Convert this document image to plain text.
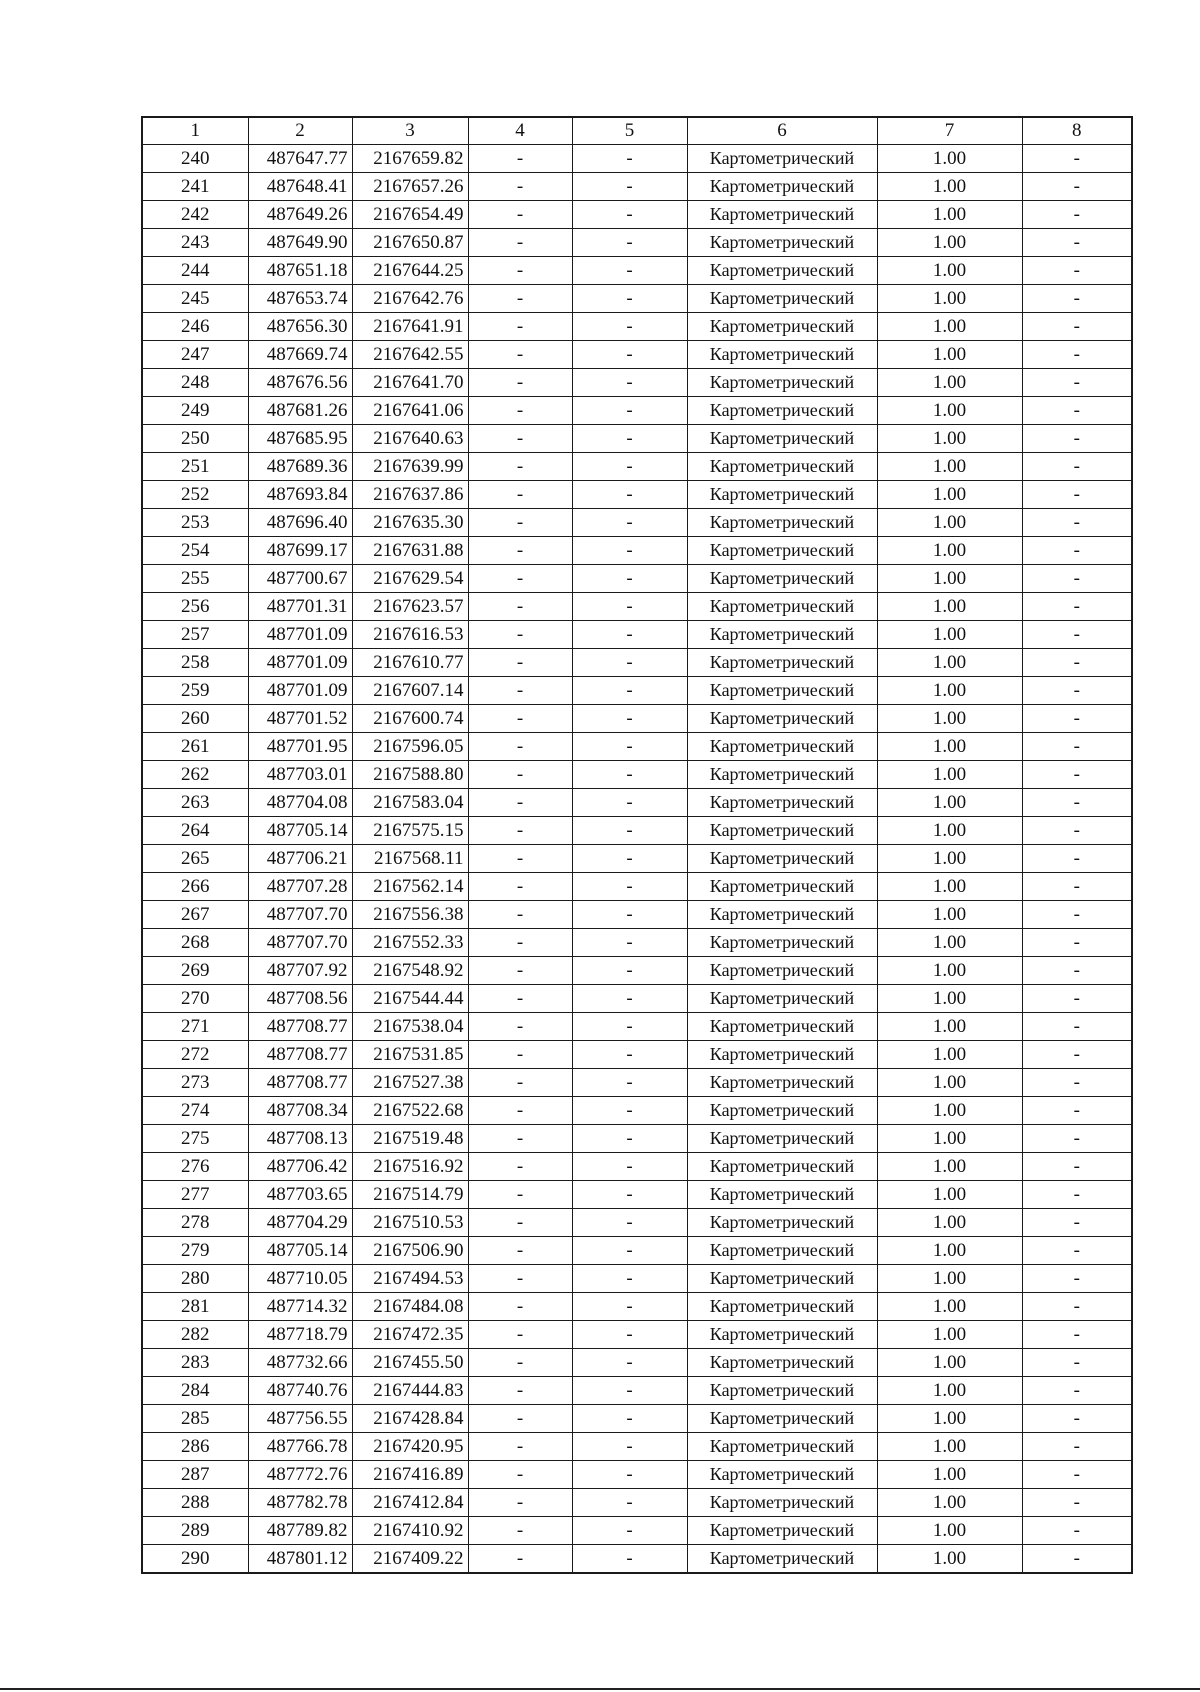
1	2	3	4	5	6	7	8
240	487647.77	2167659.82	-	-	Картометрический	1.00	-
241	487648.41	2167657.26	-	-	Картометрический	1.00	-
242	487649.26	2167654.49	-	-	Картометрический	1.00	-
243	487649.90	2167650.87	-	-	Картометрический	1.00	-
244	487651.18	2167644.25	-	-	Картометрический	1.00	-
245	487653.74	2167642.76	-	-	Картометрический	1.00	-
246	487656.30	2167641.91	-	-	Картометрический	1.00	-
247	487669.74	2167642.55	-	-	Картометрический	1.00	-
248	487676.56	2167641.70	-	-	Картометрический	1.00	-
249	487681.26	2167641.06	-	-	Картометрический	1.00	-
250	487685.95	2167640.63	-	-	Картометрический	1.00	-
251	487689.36	2167639.99	-	-	Картометрический	1.00	-
252	487693.84	2167637.86	-	-	Картометрический	1.00	-
253	487696.40	2167635.30	-	-	Картометрический	1.00	-
254	487699.17	2167631.88	-	-	Картометрический	1.00	-
255	487700.67	2167629.54	-	-	Картометрический	1.00	-
256	487701.31	2167623.57	-	-	Картометрический	1.00	-
257	487701.09	2167616.53	-	-	Картометрический	1.00	-
258	487701.09	2167610.77	-	-	Картометрический	1.00	-
259	487701.09	2167607.14	-	-	Картометрический	1.00	-
260	487701.52	2167600.74	-	-	Картометрический	1.00	-
261	487701.95	2167596.05	-	-	Картометрический	1.00	-
262	487703.01	2167588.80	-	-	Картометрический	1.00	-
263	487704.08	2167583.04	-	-	Картометрический	1.00	-
264	487705.14	2167575.15	-	-	Картометрический	1.00	-
265	487706.21	2167568.11	-	-	Картометрический	1.00	-
266	487707.28	2167562.14	-	-	Картометрический	1.00	-
267	487707.70	2167556.38	-	-	Картометрический	1.00	-
268	487707.70	2167552.33	-	-	Картометрический	1.00	-
269	487707.92	2167548.92	-	-	Картометрический	1.00	-
270	487708.56	2167544.44	-	-	Картометрический	1.00	-
271	487708.77	2167538.04	-	-	Картометрический	1.00	-
272	487708.77	2167531.85	-	-	Картометрический	1.00	-
273	487708.77	2167527.38	-	-	Картометрический	1.00	-
274	487708.34	2167522.68	-	-	Картометрический	1.00	-
275	487708.13	2167519.48	-	-	Картометрический	1.00	-
276	487706.42	2167516.92	-	-	Картометрический	1.00	-
277	487703.65	2167514.79	-	-	Картометрический	1.00	-
278	487704.29	2167510.53	-	-	Картометрический	1.00	-
279	487705.14	2167506.90	-	-	Картометрический	1.00	-
280	487710.05	2167494.53	-	-	Картометрический	1.00	-
281	487714.32	2167484.08	-	-	Картометрический	1.00	-
282	487718.79	2167472.35	-	-	Картометрический	1.00	-
283	487732.66	2167455.50	-	-	Картометрический	1.00	-
284	487740.76	2167444.83	-	-	Картометрический	1.00	-
285	487756.55	2167428.84	-	-	Картометрический	1.00	-
286	487766.78	2167420.95	-	-	Картометрический	1.00	-
287	487772.76	2167416.89	-	-	Картометрический	1.00	-
288	487782.78	2167412.84	-	-	Картометрический	1.00	-
289	487789.82	2167410.92	-	-	Картометрический	1.00	-
290	487801.12	2167409.22	-	-	Картометрический	1.00	-
